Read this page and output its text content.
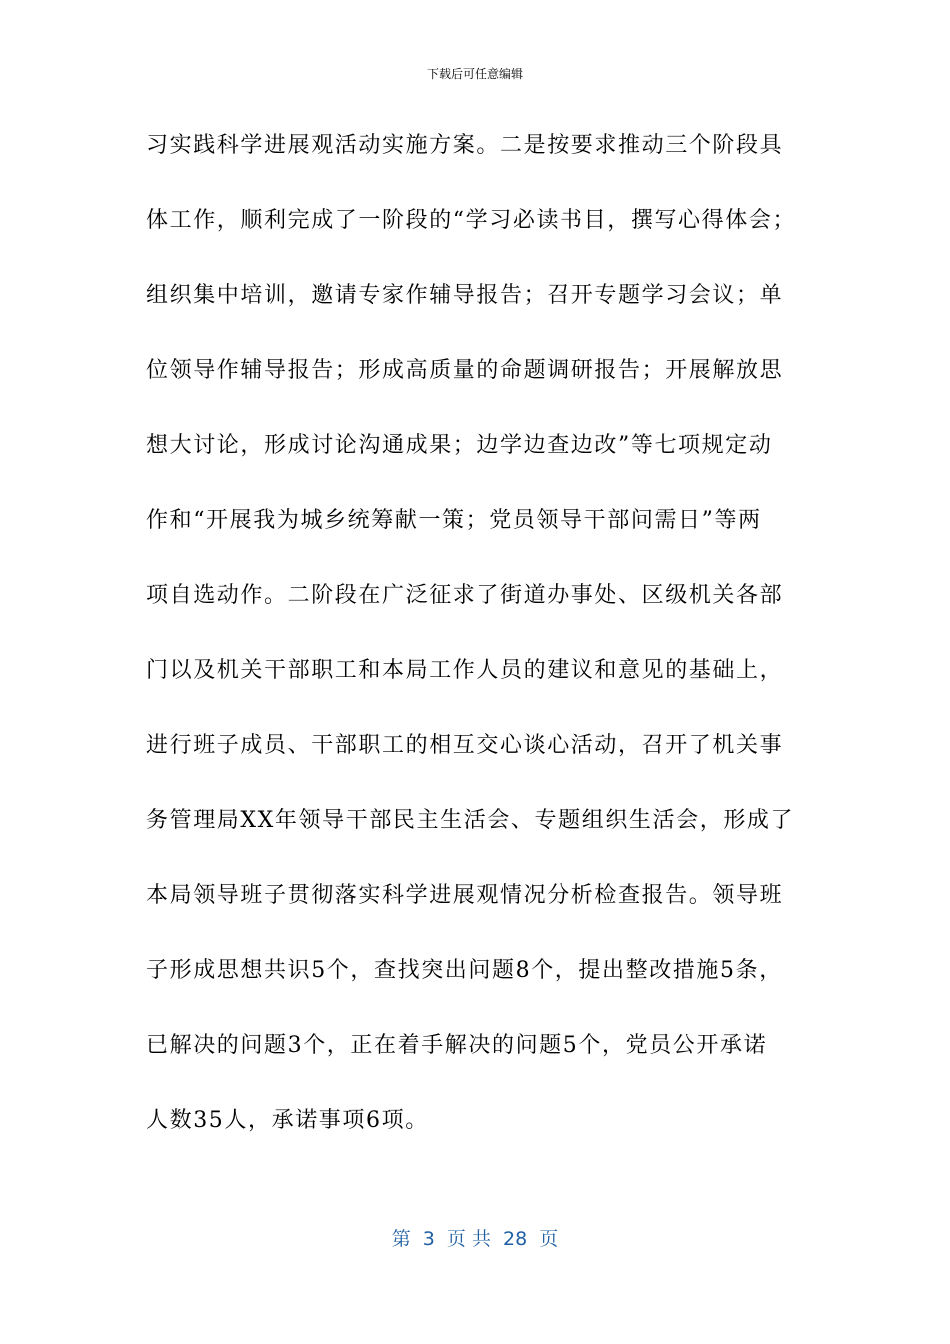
下载后可任意编辑
习实践科学进展观活动实施方案。二是按要求推动三个阶段具
体工作，顺利完成了一阶段的“学习必读书目，撰写心得体会；
组织集中培训，邀请专家作辅导报告；召开专题学习会议；单
位领导作辅导报告；形成高质量的命题调研报告；开展解放思
想大讨论，形成讨论沟通成果；边学边查边改”等七项规定动
作和“开展我为城乡统筹献一策；党员领导干部问需日”等两
项自选动作。二阶段在广泛征求了街道办事处、区级机关各部
门以及机关干部职工和本局工作人员的建议和意见的基础上，
进行班子成员、干部职工的相互交心谈心活动，召开了机关事
务管理局XX年领导干部民主生活会、专题组织生活会，形成了
本局领导班子贯彻落实科学进展观情况分析检查报告。领导班
子形成思想共识5个，查找突出问题8个，提出整改措施5条，
已解决的问题3个，正在着手解决的问题5个，党员公开承诺
人数35人，承诺事项6项。
第  3  页 共  28  页
